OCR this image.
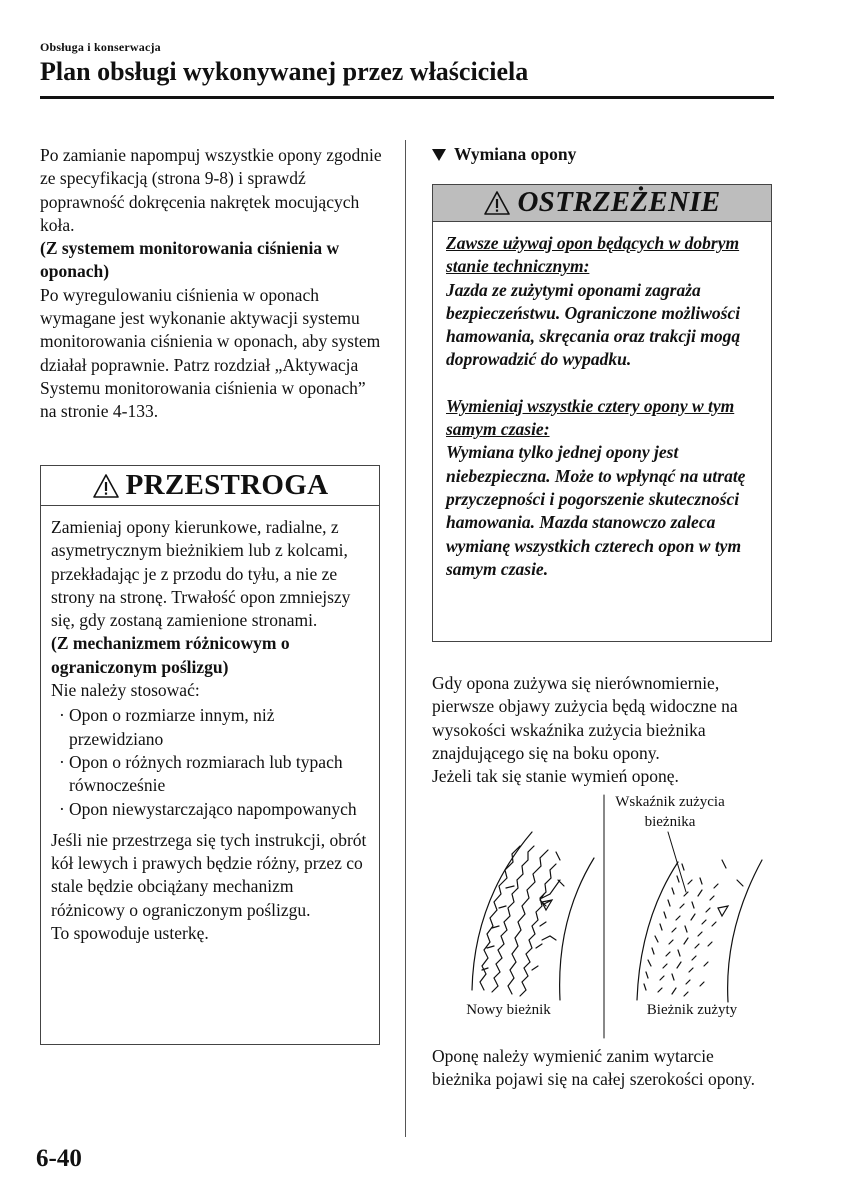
Obsługa i konserwacja
Plan obsługi wykonywanej przez właściciela

Po zamianie napompuj wszystkie opony zgodnie ze specyfikacją (strona 9-8) i sprawdź poprawność dokręcenia nakrętek mocujących koła.

(Z systemem monitorowania ciśnienia w oponach)

Po wyregulowaniu ciśnienia w oponach wymagane jest wykonanie aktywacji systemu monitorowania ciśnienia w oponach, aby system działał poprawnie. Patrz rozdział „Aktywacja Systemu monitorowania ciśnienia w oponach” na stronie 4-133.

PRZESTROGA

Zamieniaj opony kierunkowe, radialne, z asymetrycznym bieżnikiem lub z kolcami, przekładając je z przodu do tyłu, a nie ze strony na stronę. Trwałość opon zmniejszy się, gdy zostaną zamienione stronami.

(Z mechanizmem różnicowym o ograniczonym poślizgu)

Nie należy stosować:

· Opon o rozmiarze innym, niż przewidziano
· Opon o różnych rozmiarach lub typach równocześnie
· Opon niewystarczająco napompowanych

Jeśli nie przestrzega się tych instrukcji, obrót kół lewych i prawych będzie różny, przez co stale będzie obciążany mechanizm różnicowy o ograniczonym poślizgu.

To spowoduje usterkę.

Wymiana opony
OSTRZEŻENIE

Zawsze używaj opon będących w dobrym stanie technicznym:

Jazda ze zużytymi oponami zagraża bezpieczeństwu. Ograniczone możliwości hamowania, skręcania oraz trakcji mogą doprowadzić do wypadku.

Wymieniaj wszystkie cztery opony w tym samym czasie:

Wymiana tylko jednej opony jest niebezpieczna. Może to wpłynąć na utratę przyczepności i pogorszenie skuteczności hamowania. Mazda stanowczo zaleca wymianę wszystkich czterech opon w tym samym czasie.

Gdy opona zużywa się nierównomiernie, pierwsze objawy zużycia będą widoczne na wysokości wskaźnika zużycia bieżnika znajdującego się na boku opony.

Jeżeli tak się stanie wymień oponę.

Wskaźnik zużycia bieżnika
Nowy bieżnik	Bieżnik zużyty

Oponę należy wymienić zanim wytarcie bieżnika pojawi się na całej szerokości opony.

6-40
